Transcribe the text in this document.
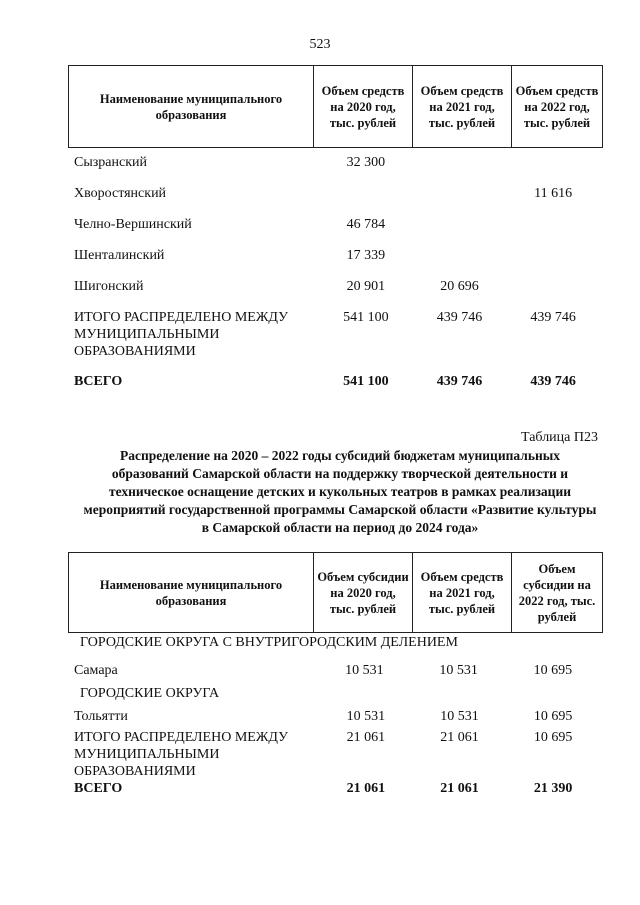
523
Наименование муниципального образования	Объем средств на 2020 год, тыс. рублей	Объем средств на 2021 год, тыс. рублей	Объем средств на 2022 год, тыс. рублей
Сызранский	32 300		
Хворостянский			11 616
Челно-Вершинский	46 784		
Шенталинский	17 339		
Шигонский	20 901	20 696	
ИТОГО РАСПРЕДЕЛЕНО МЕЖДУ МУНИЦИПАЛЬНЫМИ ОБРАЗОВАНИЯМИ	541 100	439 746	439 746
ВСЕГО	541 100	439 746	439 746
Таблица П23
Распределение на 2020 – 2022 годы субсидий бюджетам муниципальных образований Самарской области на поддержку творческой деятельности и техническое оснащение детских и кукольных театров в рамках реализации мероприятий государственной программы Самарской области «Развитие культуры в Самарской области на период до 2024 года»
Наименование муниципального образования	Объем субсидии на 2020 год, тыс. рублей	Объем средств на 2021 год, тыс. рублей	Объем субсидии на 2022 год, тыс. рублей
ГОРОДСКИЕ ОКРУГА С ВНУТРИГОРОДСКИМ ДЕЛЕНИЕМ
Самара	10 531	10 531	10 695
ГОРОДСКИЕ ОКРУГА
Тольятти	10 531	10 531	10 695
ИТОГО РАСПРЕДЕЛЕНО МЕЖДУ МУНИЦИПАЛЬНЫМИ ОБРАЗОВАНИЯМИ	21 061	21 061	10 695
ВСЕГО	21 061	21 061	21 390
